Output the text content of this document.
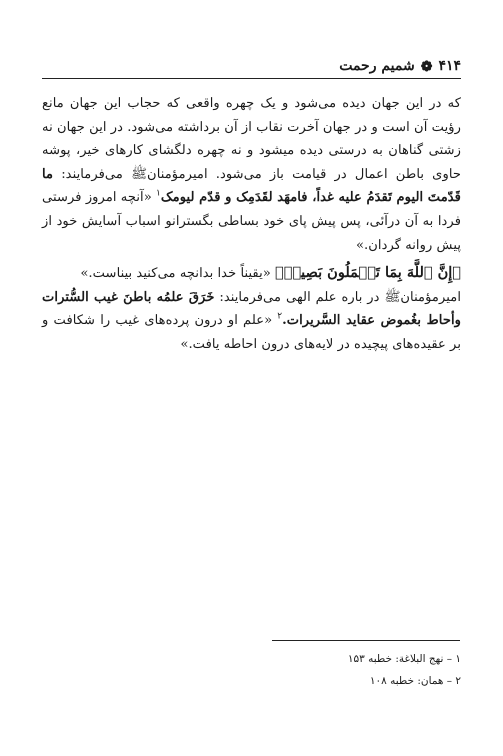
۴۱۴
❁
شمیم رحمت

که در این جهان دیده می‌شود و یک چهره واقعی که حجاب این جهان مانع رؤیت آن است و در جهان آخرت نقاب از آن برداشته می‌شود. در این جهان نه زشتی گناهان به درستی دیده میشود و نه چهره دلگشای کارهای خیر، پوشه حاوی باطن اعمال در قیامت باز می‌شود. امیرمؤمنانﷺ می‌فرمایند: ما قَدّمتَ الیوم تَقدَمُ علیه غداً، فامهَد لقَدَمِک و قدّم لیومک$^۱$ «آنچه امروز فرستی فردا به آن درآئی، پس پیش پای خود بساطی بگسترانو اسباب آسایش خود از پیش روانه گردان.»

﴿إِنَّ ٱللَّهَ بِمَا تَعۡمَلُونَ بَصِيرٞ﴾ «یقیناً خدا بدانچه می‌کنید بیناست.»

امیرمؤمنانﷺ در باره علم الهی می‌فرمایند: خَرَقَ علمُه باطنَ غیب السُّترات وأحاط بغُموض عقاید السَّریرات.$^۲$ «علم او درون پرده‌های غیب را شکافت و بر عقیده‌های پیچیده در لایه‌های درون احاطه یافت.»

۱ – نهج البلاغة: خطبه ۱۵۳
۲ – همان: خطبه ۱۰۸
